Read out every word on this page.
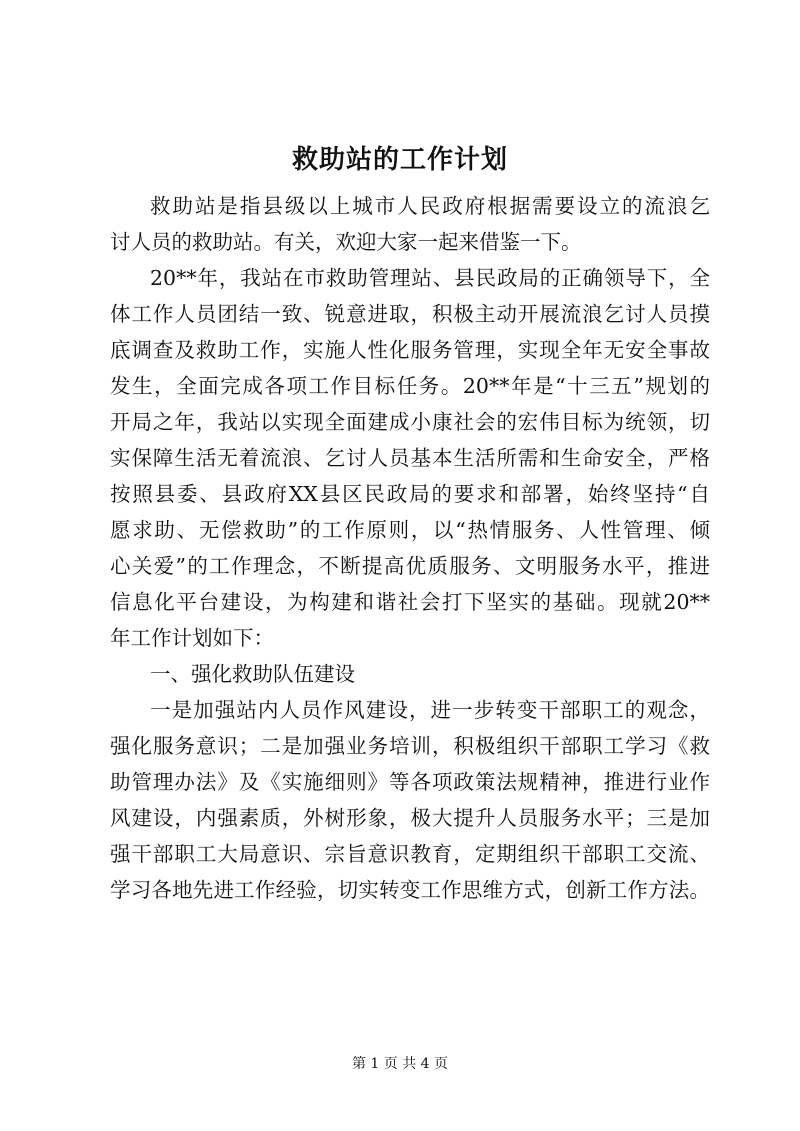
救助站的工作计划
救助站是指县级以上城市人民政府根据需要设立的流浪乞
讨人员的救助站。有关，欢迎大家一起来借鉴一下。
20**年，我站在市救助管理站、县民政局的正确领导下，全
体工作人员团结一致、锐意进取，积极主动开展流浪乞讨人员摸
底调查及救助工作，实施人性化服务管理，实现全年无安全事故
发生，全面完成各项工作目标任务。20**年是“十三五”规划的
开局之年，我站以实现全面建成小康社会的宏伟目标为统领，切
实保障生活无着流浪、乞讨人员基本生活所需和生命安全，严格
按照县委、县政府XX县区民政局的要求和部署，始终坚持“自
愿求助、无偿救助”的工作原则，以“热情服务、人性管理、倾
心关爱”的工作理念，不断提高优质服务、文明服务水平，推进
信息化平台建设，为构建和谐社会打下坚实的基础。现就20**
年工作计划如下：
一、强化救助队伍建设
一是加强站内人员作风建设，进一步转变干部职工的观念，
强化服务意识；二是加强业务培训，积极组织干部职工学习《救
助管理办法》及《实施细则》等各项政策法规精神，推进行业作
风建设，内强素质，外树形象，极大提升人员服务水平；三是加
强干部职工大局意识、宗旨意识教育，定期组织干部职工交流、
学习各地先进工作经验，切实转变工作思维方式，创新工作方法。
第 1 页 共 4 页
